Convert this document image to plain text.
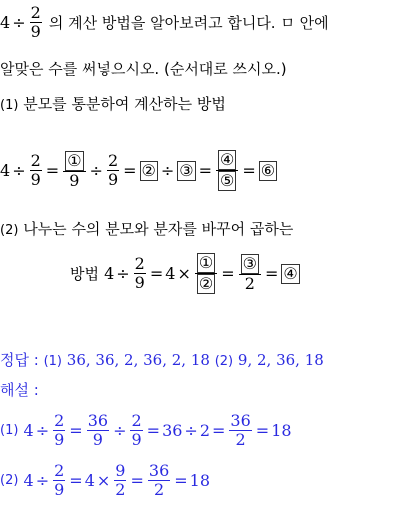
$4 \div \frac{2}{9}$ 의 계산 방법을 알아보려고 합니다. ㅁ 안에
알맞은 수를 써넣으시오. (순서대로 쓰시오.)
(1) 분모를 통분하여 계산하는 방법
$4 \div \frac{2}{9} = \frac{\text{①}}{9} \div \frac{2}{9}$ = ② ÷ ③ = $\frac{\text{④}}{\text{⑤}}$ = ⑥
(2) 나누는 수의 분모와 분자를 바꾸어 곱하는
방법 $4 \div \frac{2}{9} = 4 \times \frac{\text{①}}{\text{②}} = \frac{\text{③}}{2}$ = ④
정답 : (1) 36, 36, 2, 36, 2, 18 (2) 9, 2, 36, 18
해설 :
(1) $4 \div \frac{2}{9} = \frac{36}{9} \div \frac{2}{9} = 36 \div 2 = \frac{36}{2} = 18$
(2) $4 \div \frac{2}{9} = 4 \times \frac{9}{2} = \frac{36}{2} = 18$
